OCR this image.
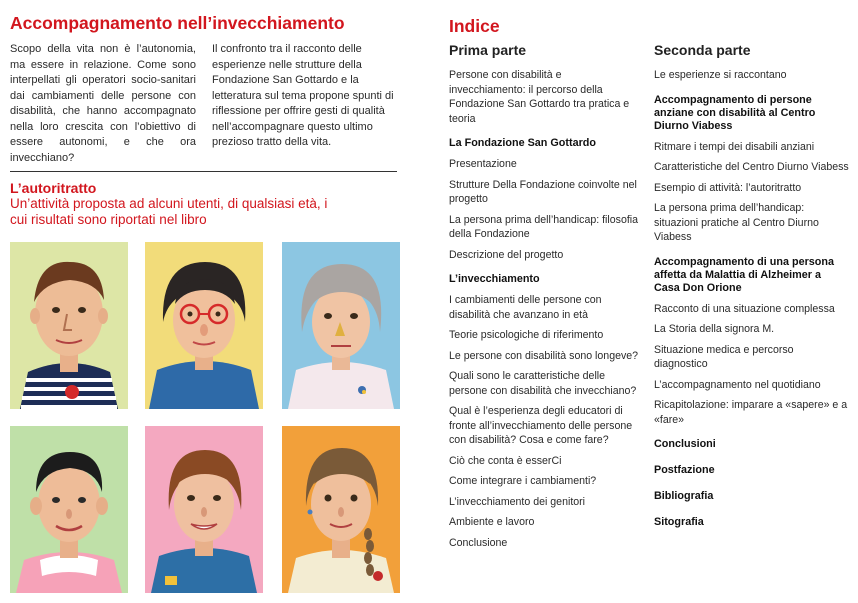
Accompagnamento nell’invecchiamento
Scopo della vita non è l’autonomia, ma essere in relazione. Come sono interpellati gli operatori socio-sanitari dai cambiamenti delle persone con disabilità, che hanno accompagnato nella loro crescita con l’obiettivo di essere autonomi, e che ora invecchiano?
Il confronto tra il racconto delle esperienze nelle strutture della Fondazione San Gottardo e la letteratura sul tema propone spunti di riflessione per offrire gesti di qualità nell’accompagnare questo ultimo prezioso tratto della vita.
L’autoritratto
Un’attività proposta ad alcuni utenti, di qualsiasi età, i cui risultati sono riportati nel libro
Indice
Prima parte
Persone con disabilità e invecchiamento: il percorso della Fondazione San Gottardo tra pratica e teoria
La Fondazione San Gottardo
Presentazione
Strutture Della Fondazione coinvolte nel progetto
La persona prima dell’handicap: filosofia della Fondazione
Descrizione del progetto
L’invecchiamento
I cambiamenti delle persone con disabilità che avanzano in età
Teorie psicologiche di riferimento
Le persone con disabilità sono longeve?
Quali sono le caratteristiche delle persone con disabilità che invecchiano?
Qual è l’esperienza degli educatori di fronte all’invecchiamento delle persone con disabilità? Cosa e come fare?
Ciò che conta è esserCi
Come integrare i cambiamenti?
L’invecchiamento dei genitori
Ambiente e lavoro
Conclusione
Seconda parte
Le esperienze si raccontano
Accompagnamento di persone anziane con disabilità al Centro Diurno Viabess
Ritmare i tempi dei disabili anziani
Caratteristiche del Centro Diurno Viabess
Esempio di attività: l’autoritratto
La persona prima dell’handicap: situazioni pratiche al Centro Diurno Viabess
Accompagnamento di una persona affetta da Malattia di Alzheimer a Casa Don Orione
Racconto di una situazione complessa
La Storia della signora M.
Situazione medica e percorso diagnostico
L’accompagnamento nel quotidiano
Ricapitolazione: imparare a «sapere» e a «fare»
Conclusioni
Postfazione
Bibliografia
Sitografia
